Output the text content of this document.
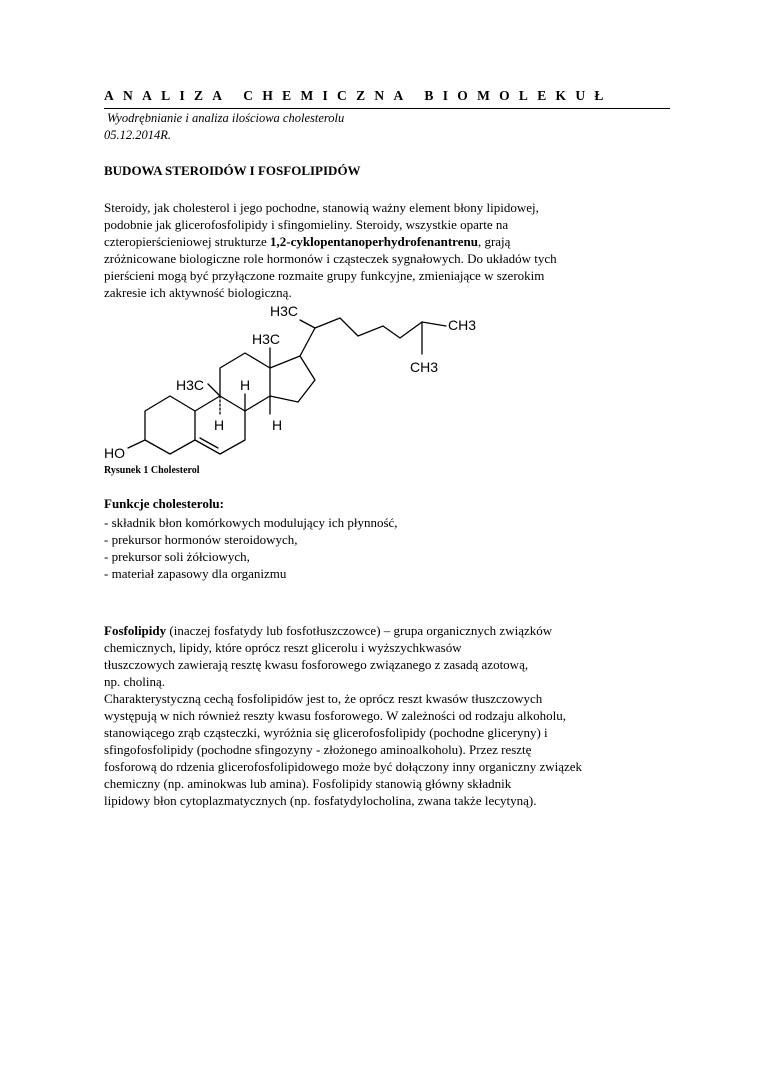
ANALIZA CHEMICZNA BIOMOLEKUŁ
Wyodrębnianie i analiza ilościowa cholesterolu
05.12.2014R.
BUDOWA STEROIDÓW I FOSFOLIPIDÓW
Steroidy, jak cholesterol i jego pochodne, stanowią ważny element błony lipidowej,
podobnie jak glicerofosfolipidy i sfingomieliny. Steroidy, wszystkie oparte na
czteropierścieniowej strukturze 1,2-cyklopentanoperhydrofenantrenu, grają
zróżnicowane biologiczne role hormonów i cząsteczek sygnałowych. Do układów tych
pierścieni mogą być przyłączone rozmaite grupy funkcyjne, zmieniające w szerokim
zakresie ich aktywność biologiczną.
H3C
CH3
CH3
H3C
H3C	H
H	H
HO
Rysunek 1 Cholesterol
Funkcje cholesterolu:
- składnik błon komórkowych modulujący ich płynność,
- prekursor hormonów steroidowych,
- prekursor soli żółciowych,
- materiał zapasowy dla organizmu
Fosfolipidy (inaczej fosfatydy lub fosfotłuszczowce) – grupa organicznych związków
chemicznych, lipidy, które oprócz reszt glicerolu i wyższychkwasów
tłuszczowych zawierają resztę kwasu fosforowego związanego z zasadą azotową,
np. choliną.
Charakterystyczną cechą fosfolipidów jest to, że oprócz reszt kwasów tłuszczowych
występują w nich również reszty kwasu fosforowego. W zależności od rodzaju alkoholu,
stanowiącego zrąb cząsteczki, wyróżnia się glicerofosfolipidy (pochodne gliceryny) i
sfingofosfolipidy (pochodne sfingozyny - złożonego aminoalkoholu). Przez resztę
fosforową do rdzenia glicerofosfolipidowego może być dołączony inny organiczny związek
chemiczny (np. aminokwas lub amina). Fosfolipidy stanowią główny składnik
lipidowy błon cytoplazmatycznych (np. fosfatydylocholina, zwana także lecytyną).
